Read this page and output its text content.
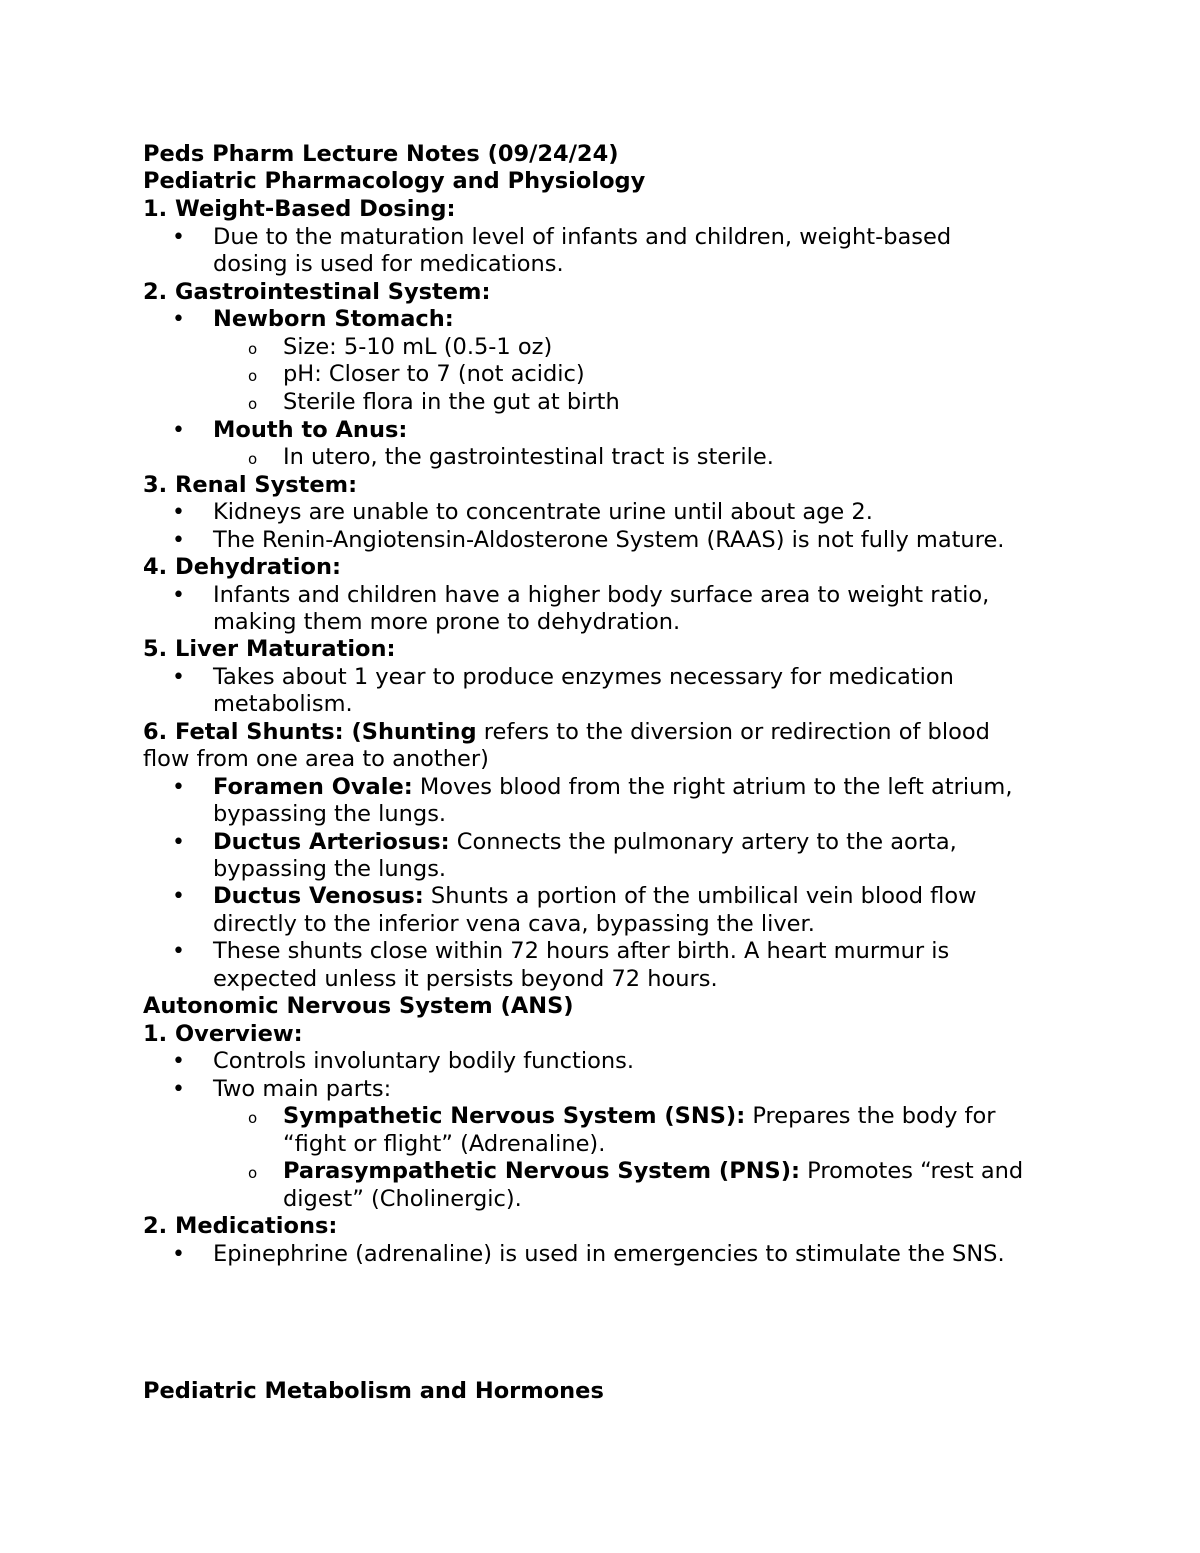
Peds Pharm Lecture Notes (09/24/24)
Pediatric Pharmacology and Physiology
1. Weight-Based Dosing:
•	Due to the maturation level of infants and children, weight-based
dosing is used for medications.
2. Gastrointestinal System:
•	Newborn Stomach:
o	Size: 5-10 mL (0.5-1 oz)
o	pH: Closer to 7 (not acidic)
o	Sterile flora in the gut at birth
•	Mouth to Anus:
o	In utero, the gastrointestinal tract is sterile.
3. Renal System:
•	Kidneys are unable to concentrate urine until about age 2.
•	The Renin-Angiotensin-Aldosterone System (RAAS) is not fully mature.
4. Dehydration:
•	Infants and children have a higher body surface area to weight ratio,
making them more prone to dehydration.
5. Liver Maturation:
•	Takes about 1 year to produce enzymes necessary for medication
metabolism.
6. Fetal Shunts: (Shunting refers to the diversion or redirection of blood
flow from one area to another)
•	Foramen Ovale: Moves blood from the right atrium to the left atrium,
bypassing the lungs.
•	Ductus Arteriosus: Connects the pulmonary artery to the aorta,
bypassing the lungs.
•	Ductus Venosus: Shunts a portion of the umbilical vein blood flow
directly to the inferior vena cava, bypassing the liver.
•	These shunts close within 72 hours after birth. A heart murmur is
expected unless it persists beyond 72 hours.
Autonomic Nervous System (ANS)
1. Overview:
•	Controls involuntary bodily functions.
•	Two main parts:
o	Sympathetic Nervous System (SNS): Prepares the body for
“fight or flight” (Adrenaline).
o	Parasympathetic Nervous System (PNS): Promotes “rest and
digest” (Cholinergic).
2. Medications:
•	Epinephrine (adrenaline) is used in emergencies to stimulate the SNS.
Pediatric Metabolism and Hormones
